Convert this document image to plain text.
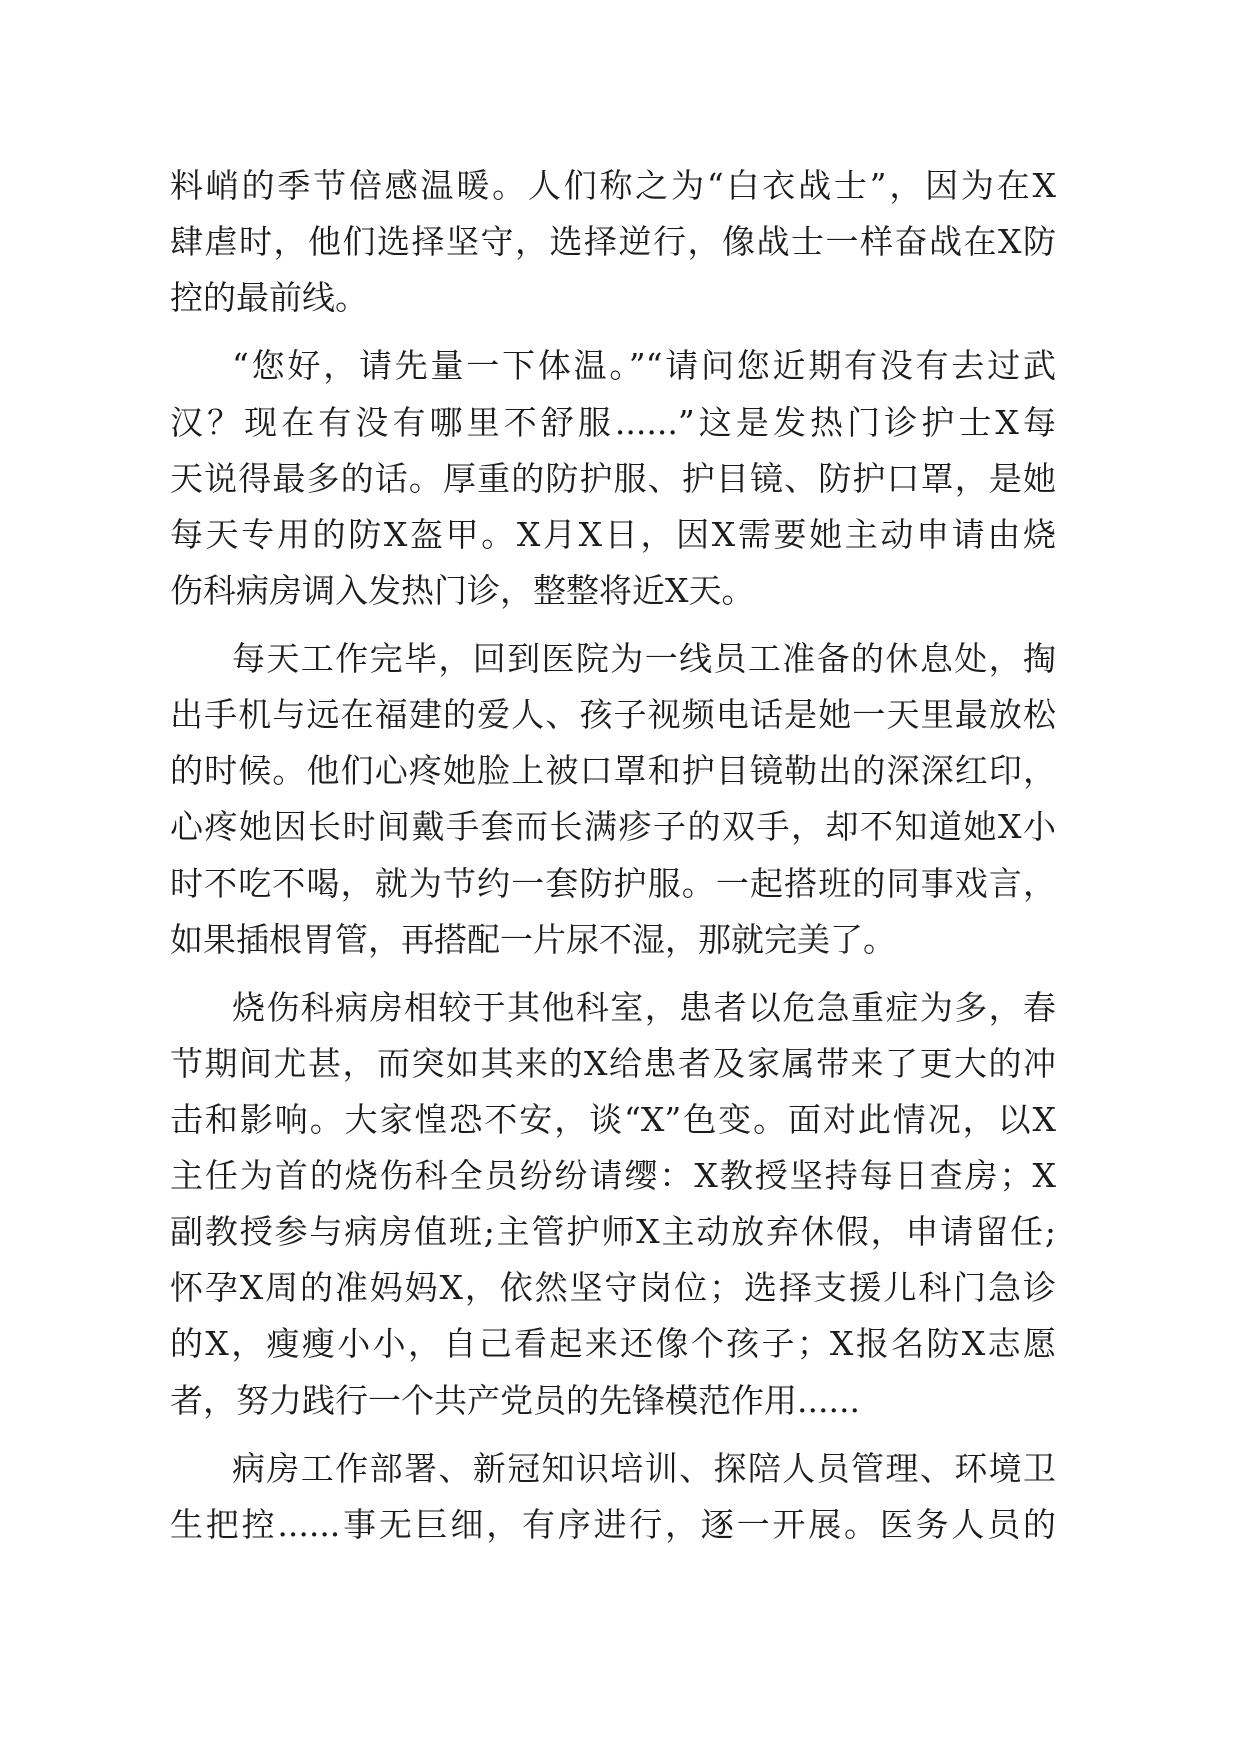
料峭的季节倍感温暖。人们称之为“白衣战士”，因为在X
肆虐时，他们选择坚守，选择逆行，像战士一样奋战在X防
控的最前线。
“您好，请先量一下体温。”“请问您近期有没有去过武
汉？现在有没有哪里不舒服......”这是发热门诊护士X每
天说得最多的话。厚重的防护服、护目镜、防护口罩，是她
每天专用的防X盔甲。X月X日，因X需要她主动申请由烧
伤科病房调入发热门诊，整整将近X天。
每天工作完毕，回到医院为一线员工准备的休息处，掏
出手机与远在福建的爱人、孩子视频电话是她一天里最放松
的时候。他们心疼她脸上被口罩和护目镜勒出的深深红印，
心疼她因长时间戴手套而长满疹子的双手，却不知道她X小
时不吃不喝，就为节约一套防护服。一起搭班的同事戏言，
如果插根胃管，再搭配一片尿不湿，那就完美了。
烧伤科病房相较于其他科室，患者以危急重症为多，春
节期间尤甚，而突如其来的X给患者及家属带来了更大的冲
击和影响。大家惶恐不安，谈“X”色变。面对此情况，以X
主任为首的烧伤科全员纷纷请缨：X教授坚持每日查房；X
副教授参与病房值班;主管护师X主动放弃休假，申请留任;
怀孕X周的准妈妈X，依然坚守岗位；选择支援儿科门急诊
的X，瘦瘦小小，自己看起来还像个孩子；X报名防X志愿
者，努力践行一个共产党员的先锋模范作用......
病房工作部署、新冠知识培训、探陪人员管理、环境卫
生把控......事无巨细，有序进行，逐一开展。医务人员的
